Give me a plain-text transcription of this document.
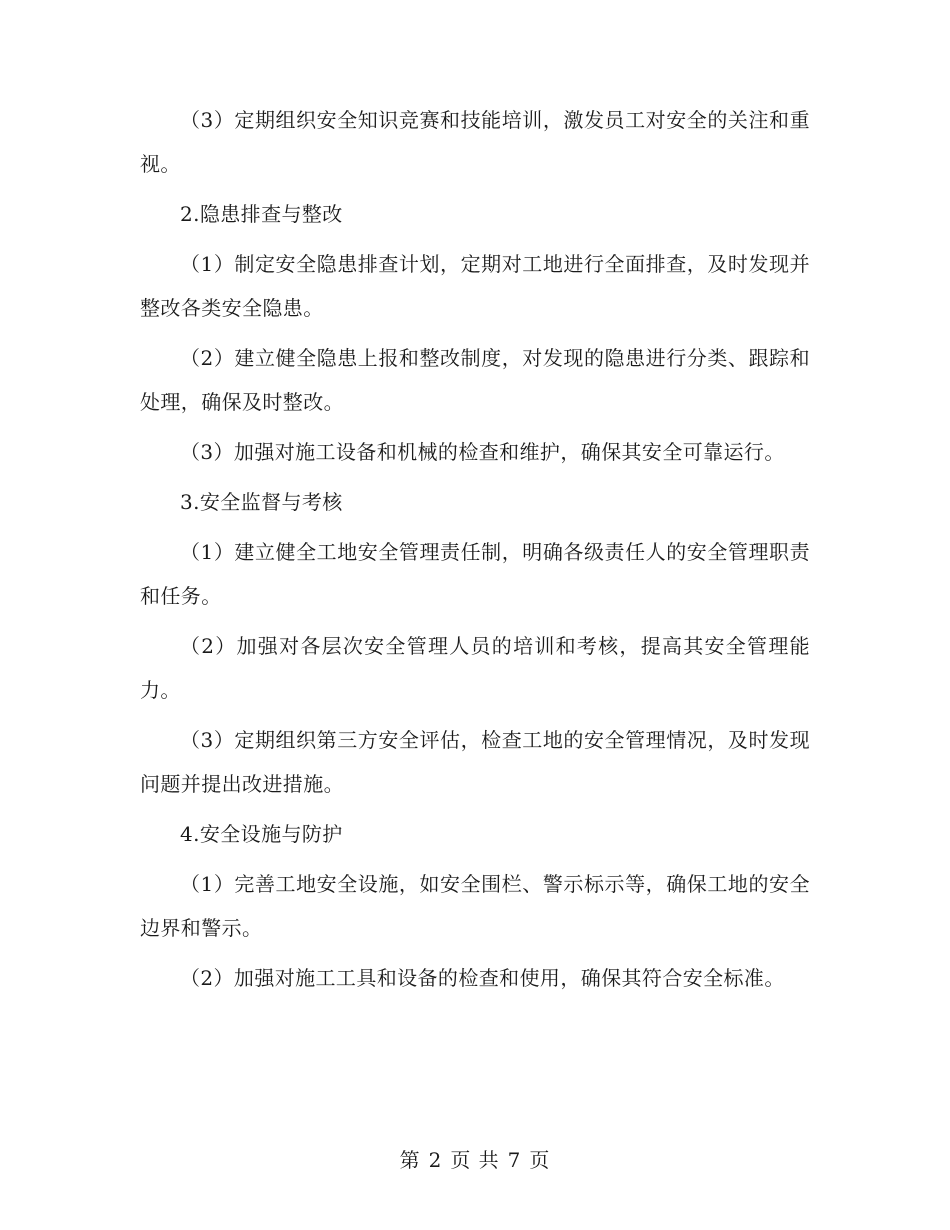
（3）定期组织安全知识竞赛和技能培训，激发员工对安全的关注和重视。

2.隐患排查与整改

（1）制定安全隐患排查计划，定期对工地进行全面排查，及时发现并整改各类安全隐患。

（2）建立健全隐患上报和整改制度，对发现的隐患进行分类、跟踪和处理，确保及时整改。

（3）加强对施工设备和机械的检查和维护，确保其安全可靠运行。

3.安全监督与考核

（1）建立健全工地安全管理责任制，明确各级责任人的安全管理职责和任务。

（2）加强对各层次安全管理人员的培训和考核，提高其安全管理能力。

（3）定期组织第三方安全评估，检查工地的安全管理情况，及时发现问题并提出改进措施。

4.安全设施与防护

（1）完善工地安全设施，如安全围栏、警示标示等，确保工地的安全边界和警示。

（2）加强对施工工具和设备的检查和使用，确保其符合安全标准。

第 2 页 共 7 页
